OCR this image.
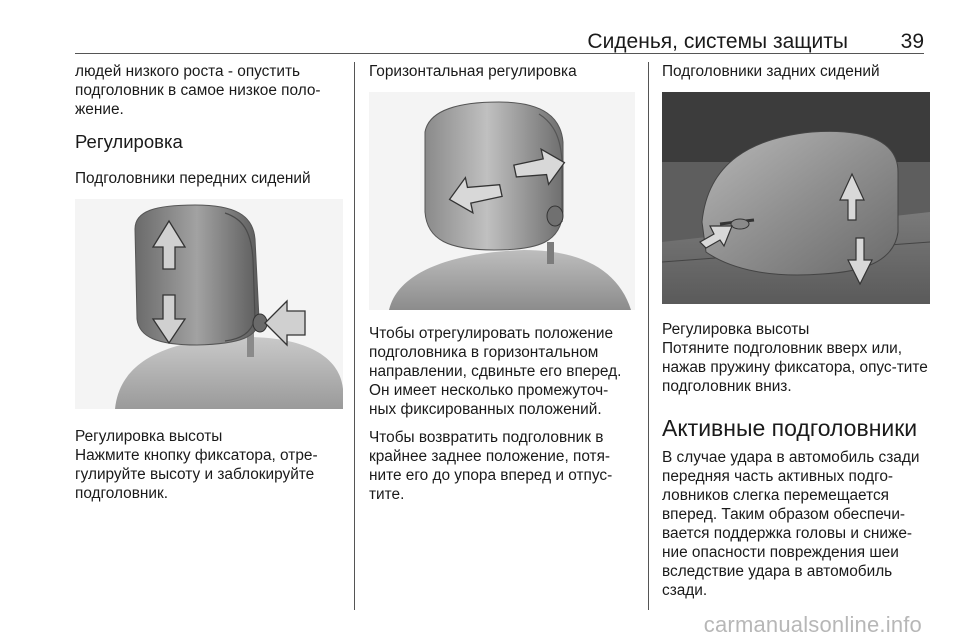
Сиденья, системы защиты	39

людей низкого роста - опустить подголовник в самое низкое поло-жение.

Регулировка
Подголовники передних сидений
Регулировка высоты

Нажмите кнопку фиксатора, отре-гулируйте высоту и заблокируйте подголовник.

Горизонтальная регулировка

Чтобы отрегулировать положение подголовника в горизонтальном направлении, сдвиньте его вперед. Он имеет несколько промежуточ-ных фиксированных положений.

Чтобы возвратить подголовник в крайнее заднее положение, потя-ните его до упора вперед и отпус-тите.

Подголовники задних сидений
Регулировка высоты

Потяните подголовник вверх или, нажав пружину фиксатора, опус-тите подголовник вниз.

Активные подголовники

В случае удара в автомобиль сзади передняя часть активных подго-ловников слегка перемещается вперед. Таким образом обеспечи-вается поддержка головы и сниже-ние опасности повреждения шеи вследствие удара в автомобиль сзади.

carmanualsonline.info
